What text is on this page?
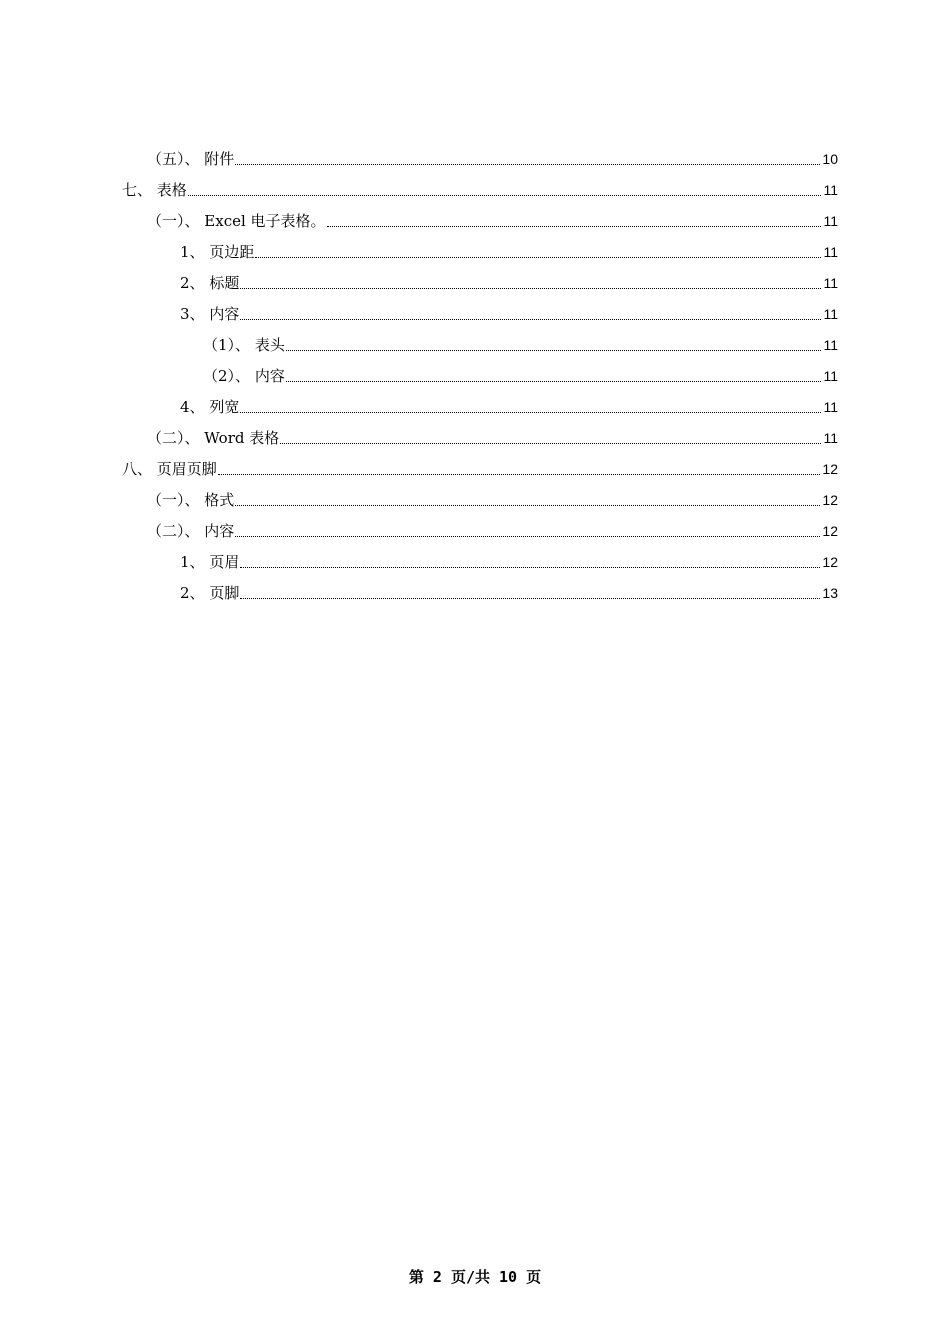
（五）、 附件	10
七、 表格	11
（一）、 Excel 电子表格。	11
1、 页边距	11
2、 标题	11
3、 内容	11
（1）、 表头	11
（2）、 内容	11
4、 列宽	11
（二）、 Word 表格	11
八、 页眉页脚	12
（一）、 格式	12
（二）、 内容	12
1、 页眉	12
2、 页脚	13
第 2 页/共 10 页
